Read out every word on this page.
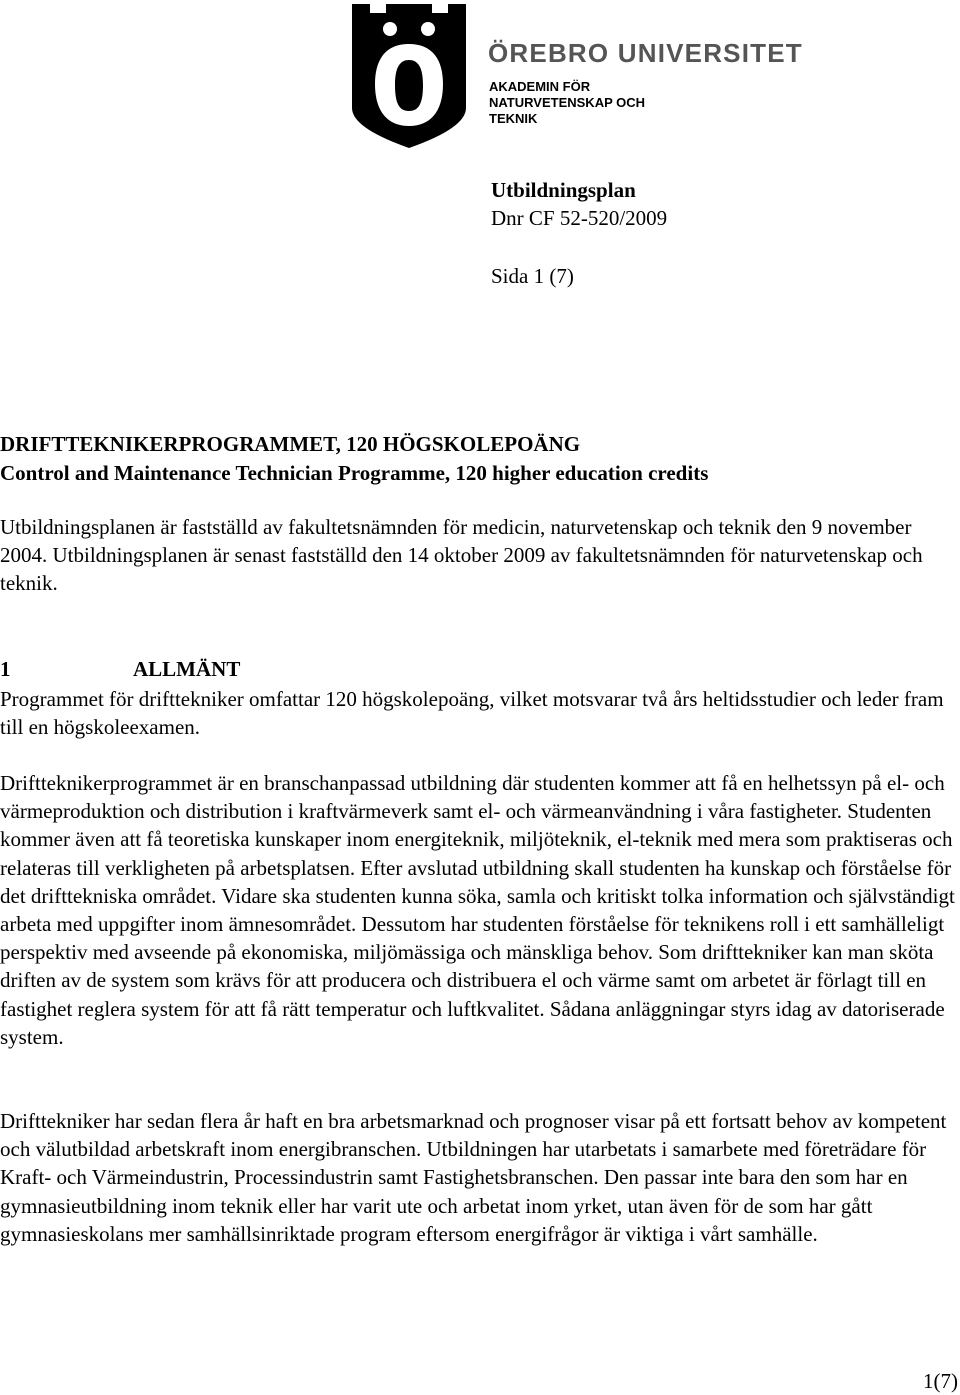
ÖREBRO UNIVERSITET
AKADEMIN FÖR
NATURVETENSKAP OCH
TEKNIK
Utbildningsplan
Dnr CF 52-520/2009
Sida 1 (7)
DRIFTTEKNIKERPROGRAMMET, 120 HÖGSKOLEPOÄNG
Control and Maintenance Technician Programme, 120 higher education credits
Utbildningsplanen är fastställd av fakultetsnämnden för medicin, naturvetenskap och teknik den 9 november 2004. Utbildningsplanen är senast fastställd den 14 oktober 2009 av fakultetsnämnden för naturvetenskap och teknik.
1	ALLMÄNT
Programmet för drifttekniker omfattar 120 högskolepoäng, vilket motsvarar två års heltidsstudier och leder fram till en högskoleexamen.
Driftteknikerprogrammet är en branschanpassad utbildning där studenten kommer att få en helhetssyn på el- och värmeproduktion och distribution i kraftvärmeverk samt el- och värmeanvändning i våra fastigheter. Studenten kommer även att få teoretiska kunskaper inom energiteknik, miljöteknik, el-teknik med mera som praktiseras och relateras till verkligheten på arbetsplatsen. Efter avslutad utbildning skall studenten ha kunskap och förståelse för det drifttekniska området. Vidare ska studenten kunna söka, samla och kritiskt tolka information och självständigt arbeta med uppgifter inom ämnesområdet. Dessutom har studenten förståelse för teknikens roll i ett samhälleligt perspektiv med avseende på ekonomiska, miljömässiga och mänskliga behov. Som drifttekniker kan man sköta driften av de system som krävs för att producera och distribuera el och värme samt om arbetet är förlagt till en fastighet reglera system för att få rätt temperatur och luftkvalitet. Sådana anläggningar styrs idag av datoriserade system.
Drifttekniker har sedan flera år haft en bra arbetsmarknad och prognoser visar på ett fortsatt behov av kompetent och välutbildad arbetskraft inom energibranschen. Utbildningen har utarbetats i samarbete med företrädare för Kraft- och Värmeindustrin, Processindustrin samt Fastighetsbranschen. Den passar inte bara den som har en gymnasieutbildning inom teknik eller har varit ute och arbetat inom yrket, utan även för de som har gått gymnasieskolans mer samhällsinriktade program eftersom energifrågor är viktiga i vårt samhälle.
1(7)
